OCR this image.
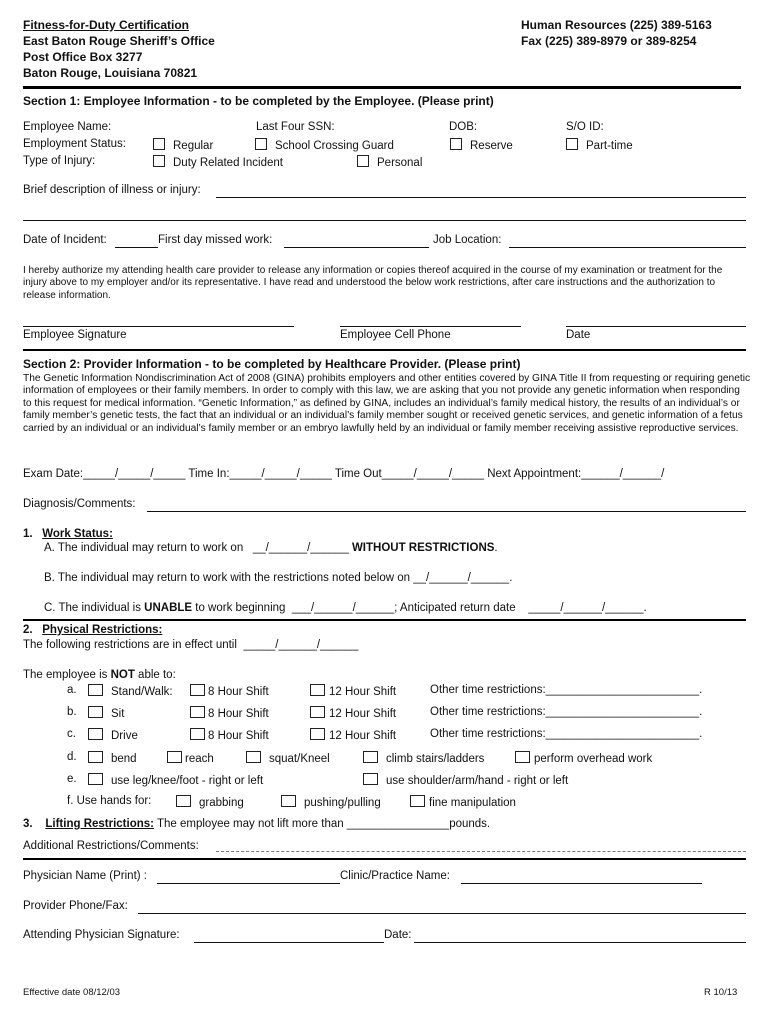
Fitness-for-Duty Certification
East Baton Rouge Sheriff’s Office
Post Office Box 3277
Baton Rouge, Louisiana 70821
Human Resources (225) 389-5163
Fax (225) 389-8979 or 389-8254
Section 1: Employee Information - to be completed by the Employee. (Please print)
Employee Name:	Last Four SSN:	DOB:	S/O ID:
Employment Status:	Regular	School Crossing Guard	Reserve	Part-time
Type of Injury:	Duty Related Incident	Personal
Brief description of illness or injury:
Date of Incident:	First day missed work:	Job Location:
I hereby authorize my attending health care provider to release any information or copies thereof acquired in the course of my examination or treatment for the injury above to my employer and/or its representative. I have read and understood the below work restrictions, after care instructions and the authorization to release information.
Employee Signature	Employee Cell Phone	Date
Section 2: Provider Information - to be completed by Healthcare Provider. (Please print)
The Genetic Information Nondiscrimination Act of 2008 (GINA) prohibits employers and other entities covered by GINA Title II from requesting or requiring genetic information of employees or their family members. In order to comply with this law, we are asking that you not provide any genetic information when responding to this request for medical information. “Genetic Information,” as defined by GINA, includes an individual’s family medical history, the results of an individual’s or family member’s genetic tests, the fact that an individual or an individual’s family member sought or received genetic services, and genetic information of a fetus carried by an individual or an individual’s family member or an embryo lawfully held by an individual or family member receiving assistive reproductive services.
Exam Date:_____/_____/_____ Time In:_____/_____/_____ Time Out_____/_____/_____ Next Appointment:______/______/
Diagnosis/Comments:
1. Work Status:
A. The individual may return to work on __/______/______ WITHOUT RESTRICTIONS.
B. The individual may return to work with the restrictions noted below on __/______/______.
C. The individual is UNABLE to work beginning ___/______/______; Anticipated return date _____/______/______.
2. Physical Restrictions:
The following restrictions are in effect until _____/______/______
The employee is NOT able to:
a.	Stand/Walk:	8 Hour Shift	12 Hour Shift	Other time restrictions:________________________.
b.	Sit	8 Hour Shift	12 Hour Shift	Other time restrictions:________________________.
c.	Drive	8 Hour Shift	12 Hour Shift	Other time restrictions:________________________.
d.	bend	reach	squat/Kneel	climb stairs/ladders	perform overhead work
e.	use leg/knee/foot - right or left	use shoulder/arm/hand - right or left
f. Use hands for:	grabbing	pushing/pulling	fine manipulation
3. Lifting Restrictions: The employee may not lift more than ________________pounds.
Additional Restrictions/Comments:
Physician Name (Print) :	Clinic/Practice Name:
Provider Phone/Fax:
Attending Physician Signature:	Date:
Effective date 08/12/03	R 10/13
